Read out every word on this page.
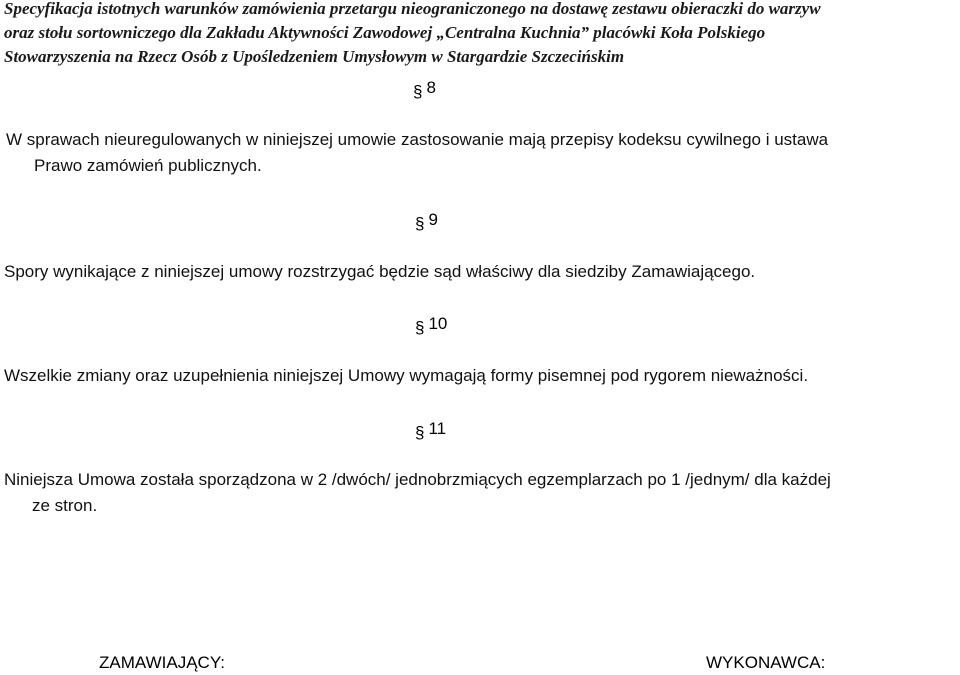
Specyfikacja istotnych warunków zamówienia przetargu nieograniczonego na dostawę zestawu obieraczki do warzyw
oraz stołu sortowniczego dla Zakładu Aktywności Zawodowej „Centralna Kuchnia” placówki Koła Polskiego
Stowarzyszenia na Rzecz Osób z Upośledzeniem Umysłowym w Stargardzie Szczecińskim
§ 8
W sprawach nieuregulowanych w niniejszej umowie zastosowanie mają przepisy kodeksu cywilnego i ustawa
Prawo zamówień publicznych.
§ 9
Spory wynikające z niniejszej umowy rozstrzygać będzie sąd właściwy dla siedziby Zamawiającego.
§ 10
Wszelkie zmiany oraz uzupełnienia niniejszej Umowy wymagają formy pisemnej pod rygorem nieważności.
§ 11
Niniejsza Umowa została sporządzona w 2 /dwóch/ jednobrzmiących egzemplarzach po 1 /jednym/ dla każdej
ze stron.
ZAMAWIAJĄCY:	WYKONAWCA:
